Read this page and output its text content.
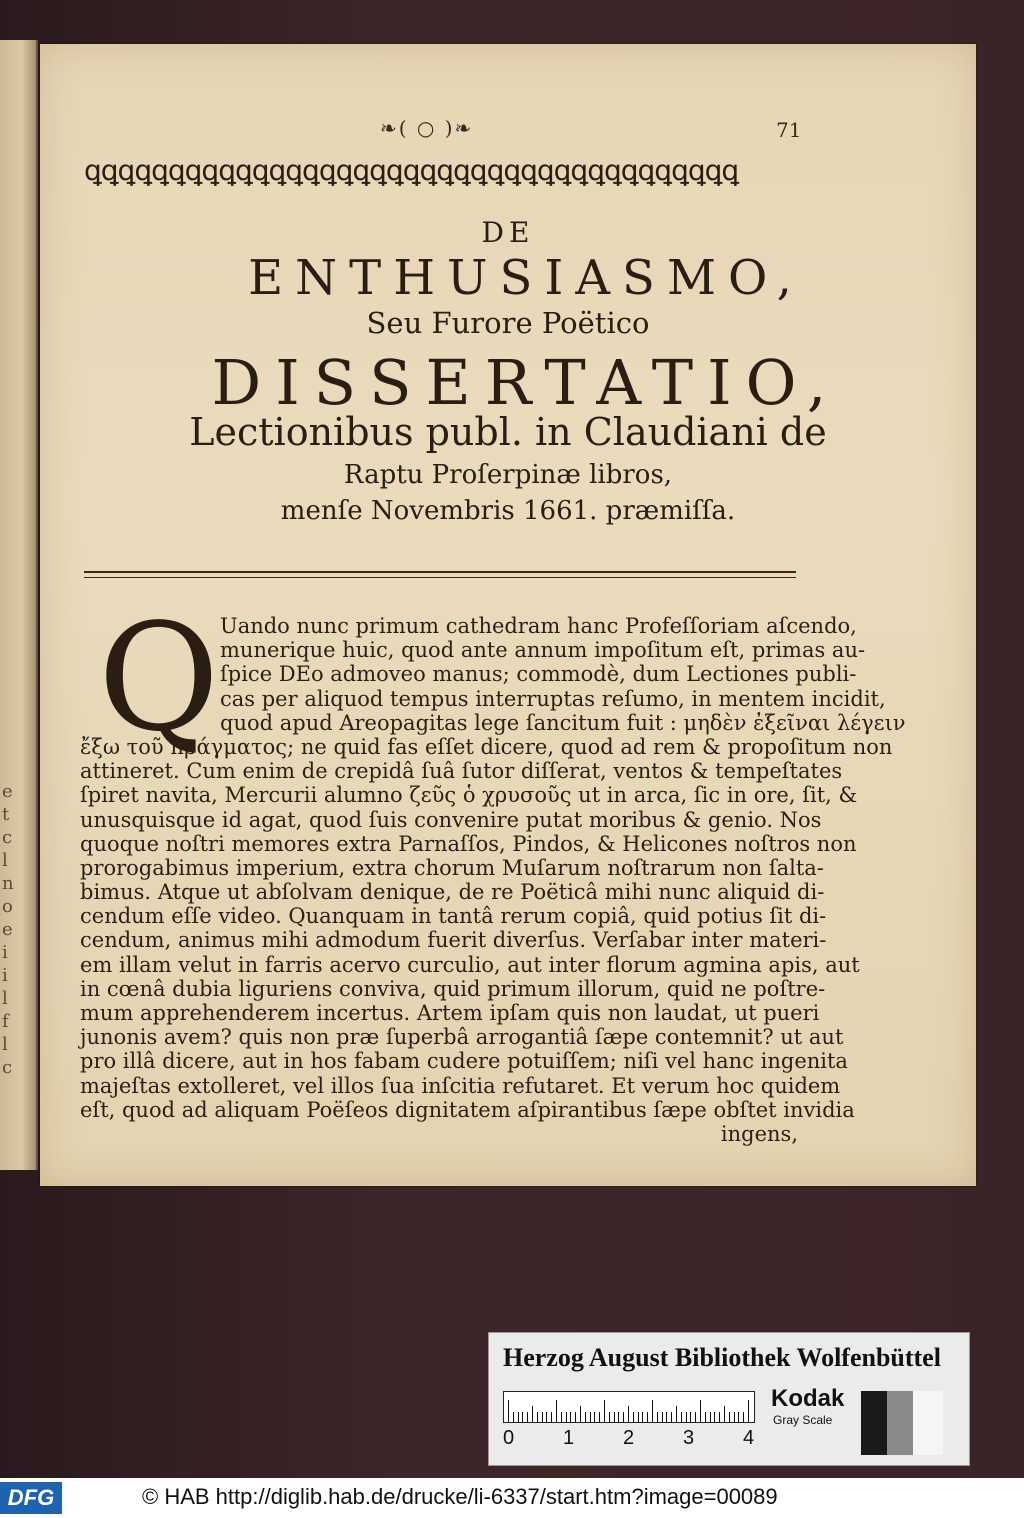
e
t
c
l
n
o
e
i
i
l
f
l
c
❧( ○ )❧	71
ꝗꝗꝗꝗꝗꝗꝗꝗꝗꝗꝗꝗꝗꝗꝗꝗꝗꝗꝗꝗꝗꝗꝗꝗꝗꝗꝗꝗꝗꝗꝗꝗꝗꝗꝗꝗꝗꝗꝗ
DE
ENTHUSIASMO,
Seu Furore Poëtico
DISSERTATIO,
Lectionibus publ. in Claudiani de
Raptu Proſerpinæ libros,
menſe Novembris 1661. præmiſſa.
Q Uando nunc primum cathedram hanc Profeſſoriam aſcendo,
munerique huic, quod ante annum impoſitum eſt, primas au-
ſpice DEo admoveo manus; commodè, dum Lectiones publi-
cas per aliquod tempus interruptas reſumo, in mentem incidit,
quod apud Areopagitas lege ſancitum fuit : μηδὲν ἐξεῖναι λέγειν
ἔξω τοῦ πράγματος; ne quid fas eſſet dicere, quod ad rem & propoſitum non
attineret. Cum enim de crepidâ ſuâ ſutor diſſerat, ventos & tempeſtates
ſpiret navita, Mercurii alumno ζεῦς ὁ χρυσοῦς ut in arca, ſic in ore, ſit, &
unusquisque id agat, quod ſuis convenire putat moribus & genio. Nos
quoque noſtri memores extra Parnaſſos, Pindos, & Helicones noſtros non
prorogabimus imperium, extra chorum Muſarum noſtrarum non ſalta-
bimus. Atque ut abſolvam denique, de re Poëticâ mihi nunc aliquid di-
cendum eſſe video. Quanquam in tantâ rerum copiâ, quid potius ſit di-
cendum, animus mihi admodum fuerit diverſus. Verſabar inter materi-
em illam velut in farris acervo curculio, aut inter florum agmina apis, aut
in cœnâ dubia liguriens conviva, quid primum illorum, quid ne poſtre-
mum apprehenderem incertus. Artem ipſam quis non laudat, ut pueri
junonis avem? quis non præ ſuperbâ arrogantiâ ſæpe contemnit? ut aut
pro illâ dicere, aut in hos fabam cudere potuiſſem; niſi vel hanc ingenita
majeſtas extolleret, vel illos ſua inſcitia refutaret. Et verum hoc quidem
eſt, quod ad aliquam Poëſeos dignitatem aſpirantibus ſæpe obſtet invidia
ingens,
Herzog August Bibliothek Wolfenbüttel
0 1 2 3 4
Kodak
Gray Scale
DFG	© HAB http://diglib.hab.de/drucke/li-6337/start.htm?image=00089
